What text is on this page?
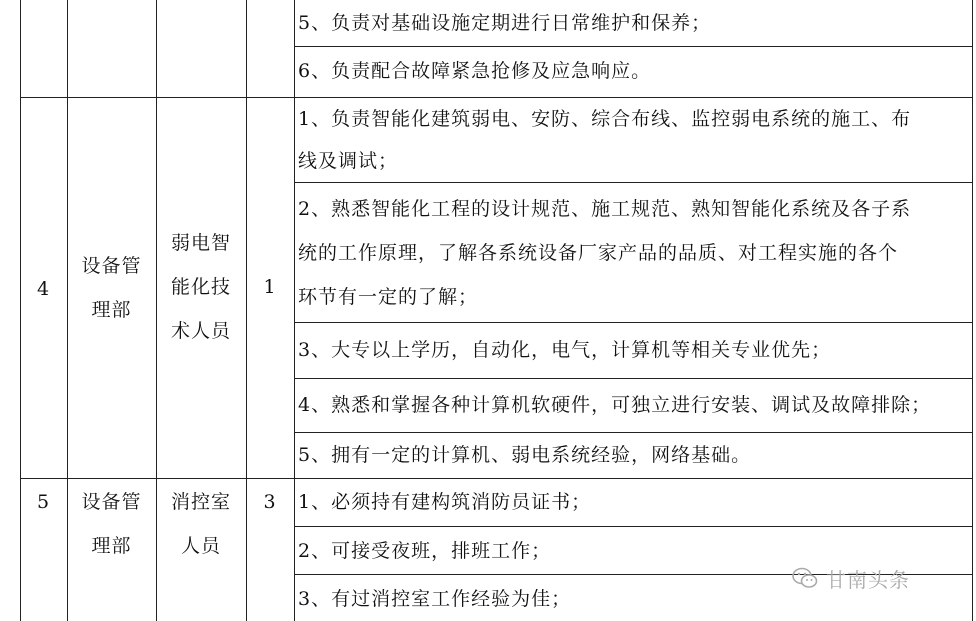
5、负责对基础设施定期进行日常维护和保养；
6、负责配合故障紧急抢修及应急响应。
4
设备管
理部
弱电智
能化技
术人员
1
1、负责智能化建筑弱电、安防、综合布线、监控弱电系统的施工、布
线及调试；
2、熟悉智能化工程的设计规范、施工规范、熟知智能化系统及各子系
统的工作原理，了解各系统设备厂家产品的品质、对工程实施的各个
环节有一定的了解；
3、大专以上学历，自动化，电气，计算机等相关专业优先；
4、熟悉和掌握各种计算机软硬件，可独立进行安装、调试及故障排除；
5、拥有一定的计算机、弱电系统经验，网络基础。
5	设备管
理部
消控室
人员
3	1、必须持有建构筑消防员证书；
2、可接受夜班，排班工作；
3、有过消控室工作经验为佳；
甘南头条
